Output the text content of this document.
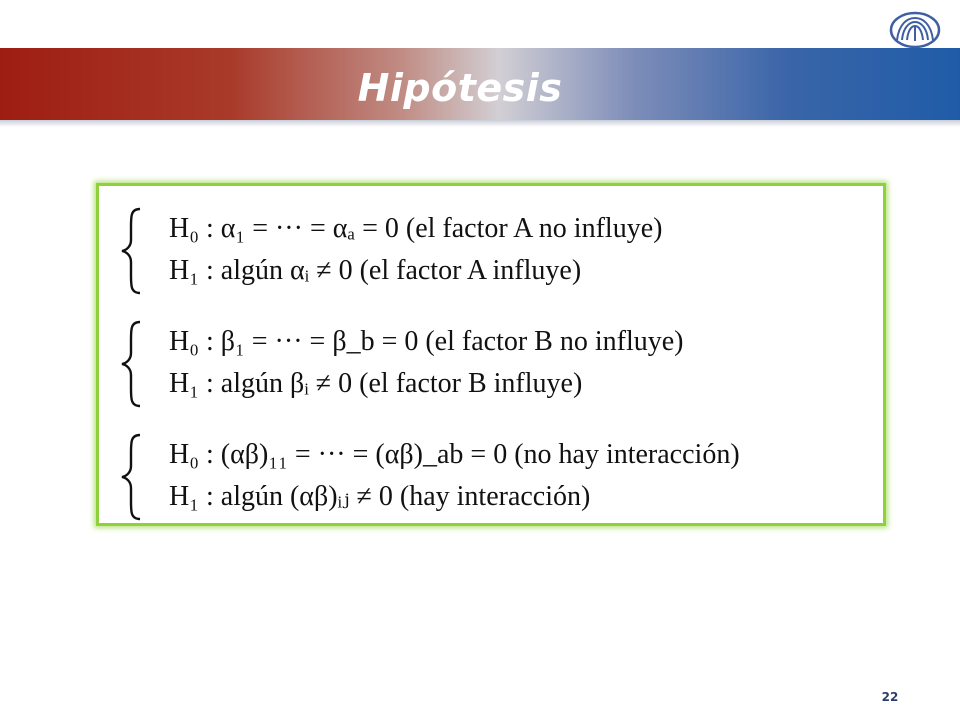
Hipótesis
H₀ : α₁ = ··· = αₐ = 0 (el factor A no influye)
H₁ : algún αᵢ ≠ 0 (el factor A influye)
H₀ : β₁ = ··· = β_b = 0 (el factor B no influye)
H₁ : algún βᵢ ≠ 0 (el factor B influye)
H₀ : (αβ)₁₁ = ··· = (αβ)_ab = 0 (no hay interacción)
H₁ : algún (αβ)ᵢⱼ ≠ 0 (hay interacción)
22
